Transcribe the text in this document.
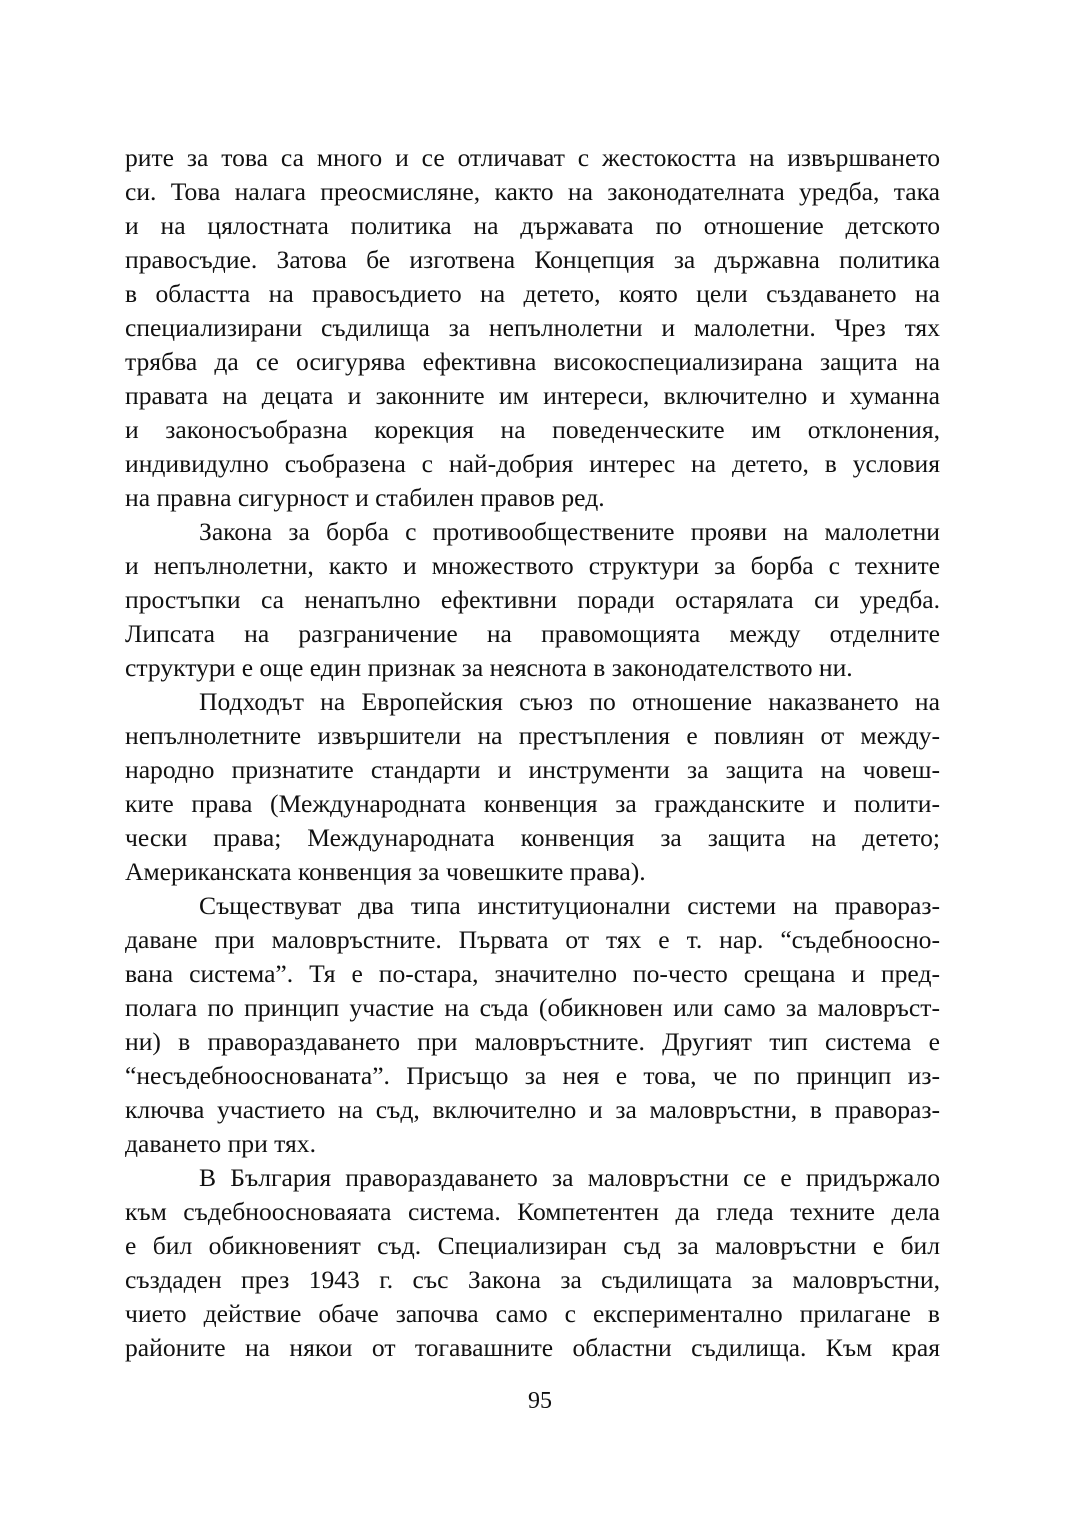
рите за това са много и се отличават с жестокостта на извършването
си. Това налага преосмисляне, както на законодателната уредба, така
и на цялостната политика на държавата по отношение детското
правосъдие. Затова бе изготвена Концепция за държавна политика
в областта на правосъдието на детето, която цели създаването на
специализирани съдилища за непълнолетни и малолетни. Чрез тях
трябва да се осигурява ефективна високоспециализирана защита на
правата на децата и законните им интереси, включително и хуманна
и законосъобразна корекция на поведенческите им отклонения,
индивидулно съобразена с най-добрия интерес на детето, в условия
на правна сигурност и стабилен правов ред.
Закона за борба с противообществените прояви на малолетни
и непълнолетни, както и множеството структури за борба с техните
простъпки са ненапълно ефективни поради остарялата си уредба.
Липсата на разграничение на правомощията между отделните
структури е още един признак за неяснота в законодателството ни.
Подходът на Европейския съюз по отношение наказването на
непълнолетните извършители на престъпления е повлиян от между-
народно признатите стандарти и инструменти за защита на човеш-
ките права (Международната конвенция за гражданските и полити-
чески права; Международната конвенция за защита на детето;
Американската конвенция за човешките права).
Съществуват два типа институционални системи на правораз-
даване при маловръстните. Първата от тях е т. нар. “съдебноосно-
вана система”. Тя е по-стара, значително по-често срещана и пред-
полага по принцип участие на съда (обикновен или само за маловръст-
ни) в правораздаването при маловръстните. Другият тип система е
“несъдебнооснованата”. Присъщо за нея е това, че по принцип из-
ключва участието на съд, включително и за маловръстни, в правораз-
даването при тях.
В България правораздаването за маловръстни се е придържало
към съдебноосноваяата система. Компетентен да гледа техните дела
е бил обикновеният съд. Специализиран съд за маловръстни е бил
създаден през 1943 г. със Закона за съдилищата за маловръстни,
чието действие обаче започва само с експериментално прилагане в
районите на някои от тогавашните областни съдилища. Към края
95
